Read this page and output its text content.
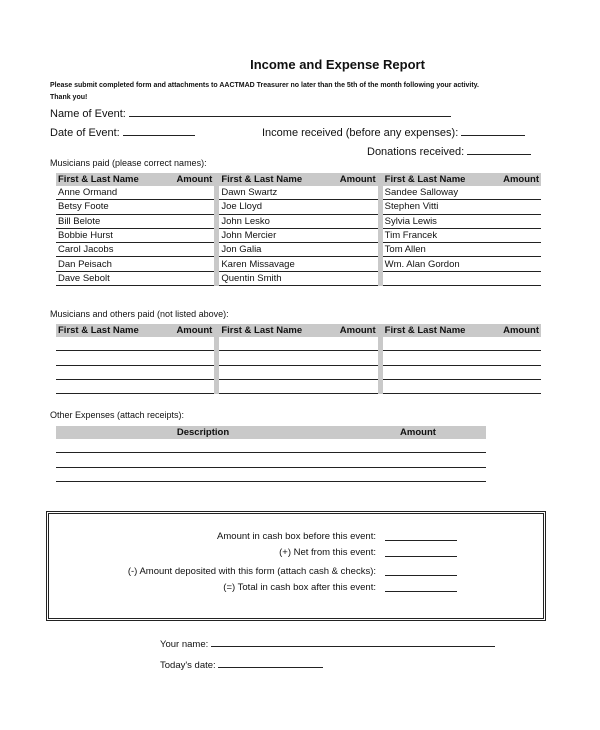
Income and Expense Report
Please submit completed form and attachments to AACTMAD Treasurer no later than the 5th of the month following your activity.
Thank you!
Name of Event:
Date of Event:	Income received (before any expenses):
Donations received:
Musicians paid (please correct names):
First & Last Name	Amount		First & Last Name	Amount		First & Last Name	Amount
Anne Ormand			Dawn Swartz			Sandee Salloway	
Betsy Foote			Joe Lloyd			Stephen Vitti	
Bill Belote			John Lesko			Sylvia Lewis	
Bobbie Hurst			John Mercier			Tim Francek	
Carol Jacobs			Jon Galia			Tom Allen	
Dan Peisach			Karen Missavage			Wm. Alan Gordon	
Dave Sebolt			Quentin Smith				
Musicians and others paid (not listed above):
First & Last Name	Amount		First & Last Name	Amount		First & Last Name	Amount

Other Expenses (attach receipts):
Description	Amount

Amount in cash box before this event:
(+) Net from this event:
(-) Amount deposited with this form (attach cash & checks):
(=) Total in cash box after this event:
Your name:
Today's date:
